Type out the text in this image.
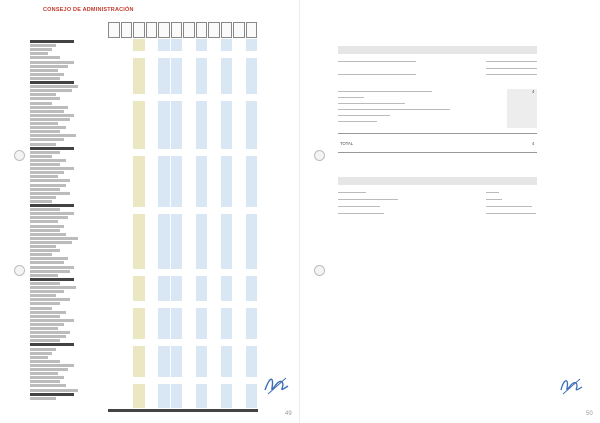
CONSEJO DE ADMINISTRACIÓN
49
4
TOTAL	4
50
